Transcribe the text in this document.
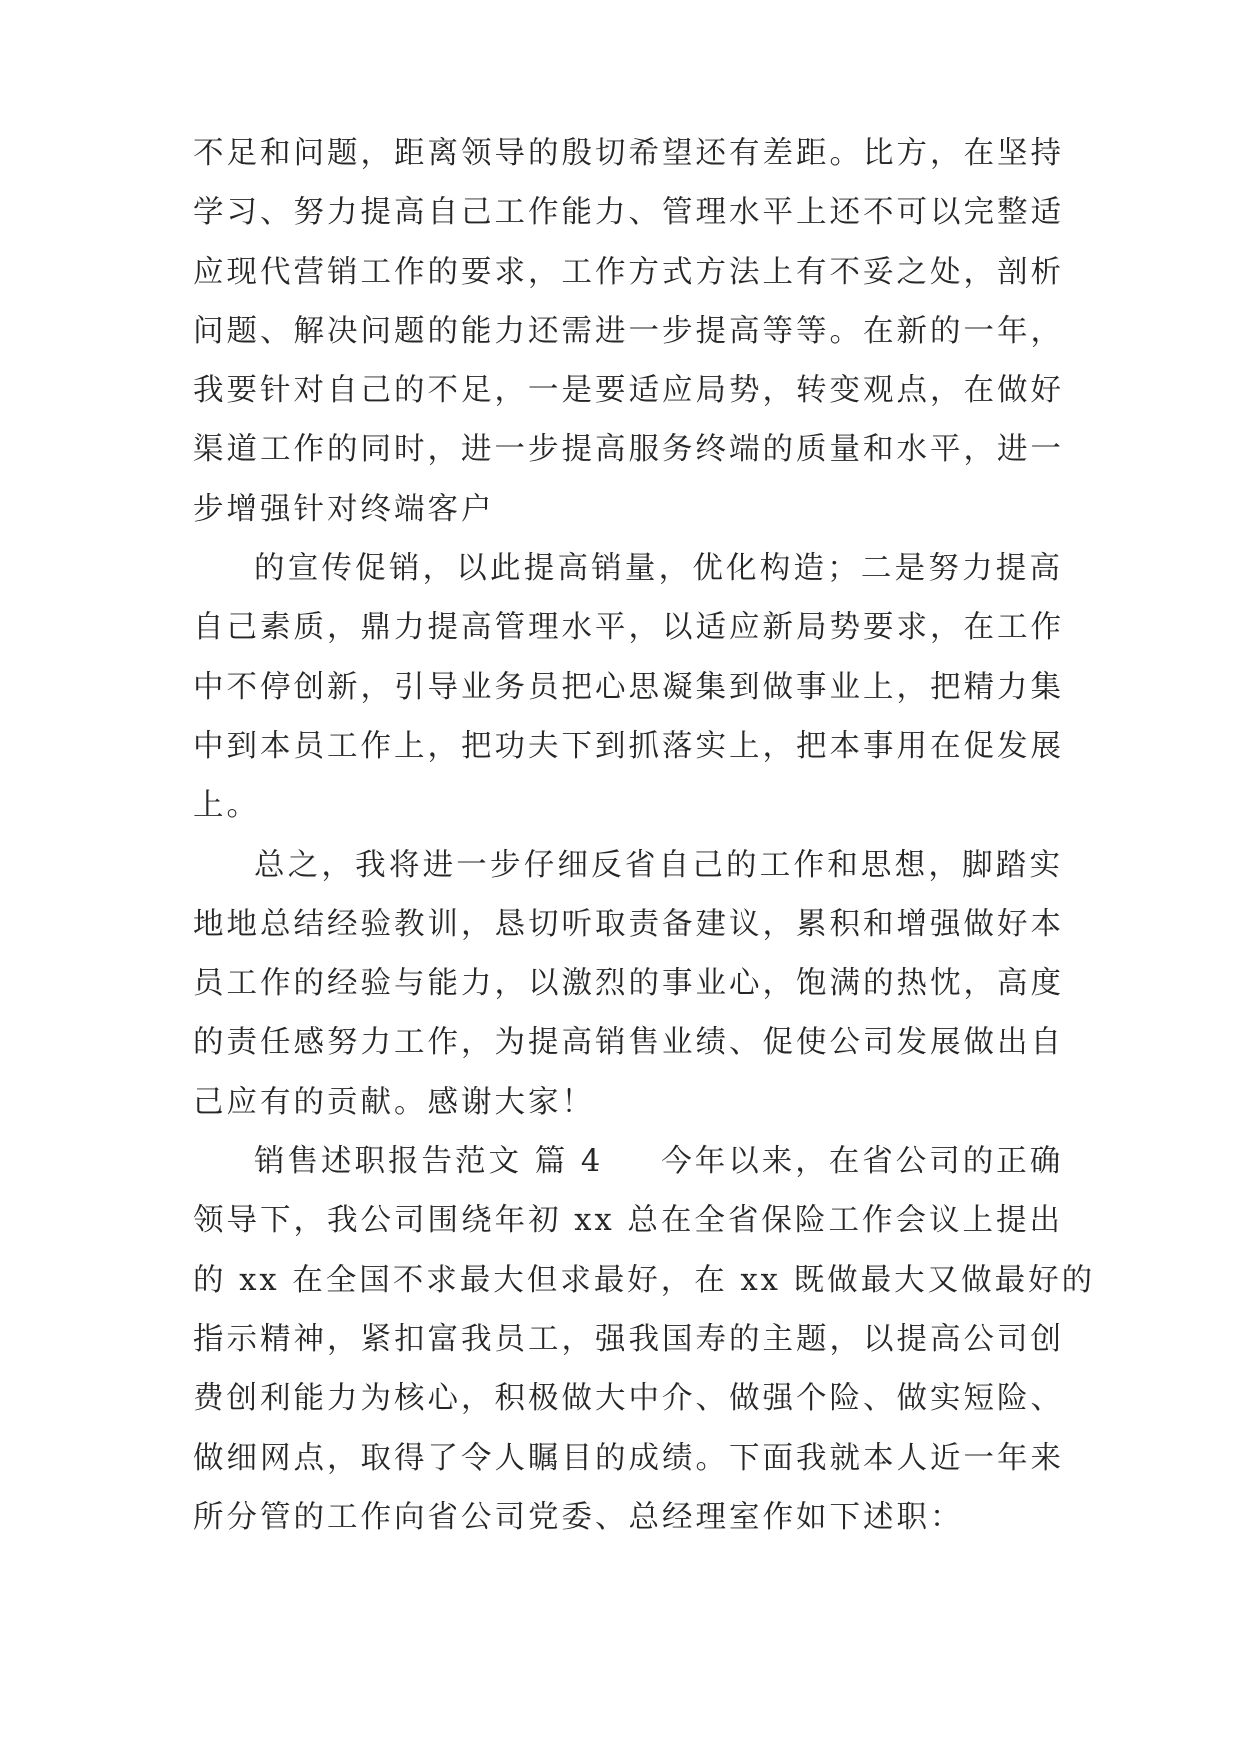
不足和问题，距离领导的殷切希望还有差距。比方，在坚持
学习、努力提高自己工作能力、管理水平上还不可以完整适
应现代营销工作的要求，工作方式方法上有不妥之处，剖析
问题、解决问题的能力还需进一步提高等等。在新的一年，
我要针对自己的不足，一是要适应局势，转变观点，在做好
渠道工作的同时，进一步提高服务终端的质量和水平，进一
步增强针对终端客户
的宣传促销，以此提高销量，优化构造；二是努力提高
自己素质，鼎力提高管理水平，以适应新局势要求，在工作
中不停创新，引导业务员把心思凝集到做事业上，把精力集
中到本员工作上，把功夫下到抓落实上，把本事用在促发展
上。
总之，我将进一步仔细反省自己的工作和思想，脚踏实
地地总结经验教训，恳切听取责备建议，累积和增强做好本
员工作的经验与能力，以激烈的事业心，饱满的热忱，高度
的责任感努力工作，为提高销售业绩、促使公司发展做出自
己应有的贡献。感谢大家！
销售述职报告范文 篇 4 今年以来，在省公司的正确
领导下，我公司围绕年初 xx 总在全省保险工作会议上提出
的 xx 在全国不求最大但求最好，在 xx 既做最大又做最好的
指示精神，紧扣富我员工，强我国寿的主题，以提高公司创
费创利能力为核心，积极做大中介、做强个险、做实短险、
做细网点，取得了令人瞩目的成绩。下面我就本人近一年来
所分管的工作向省公司党委、总经理室作如下述职：
